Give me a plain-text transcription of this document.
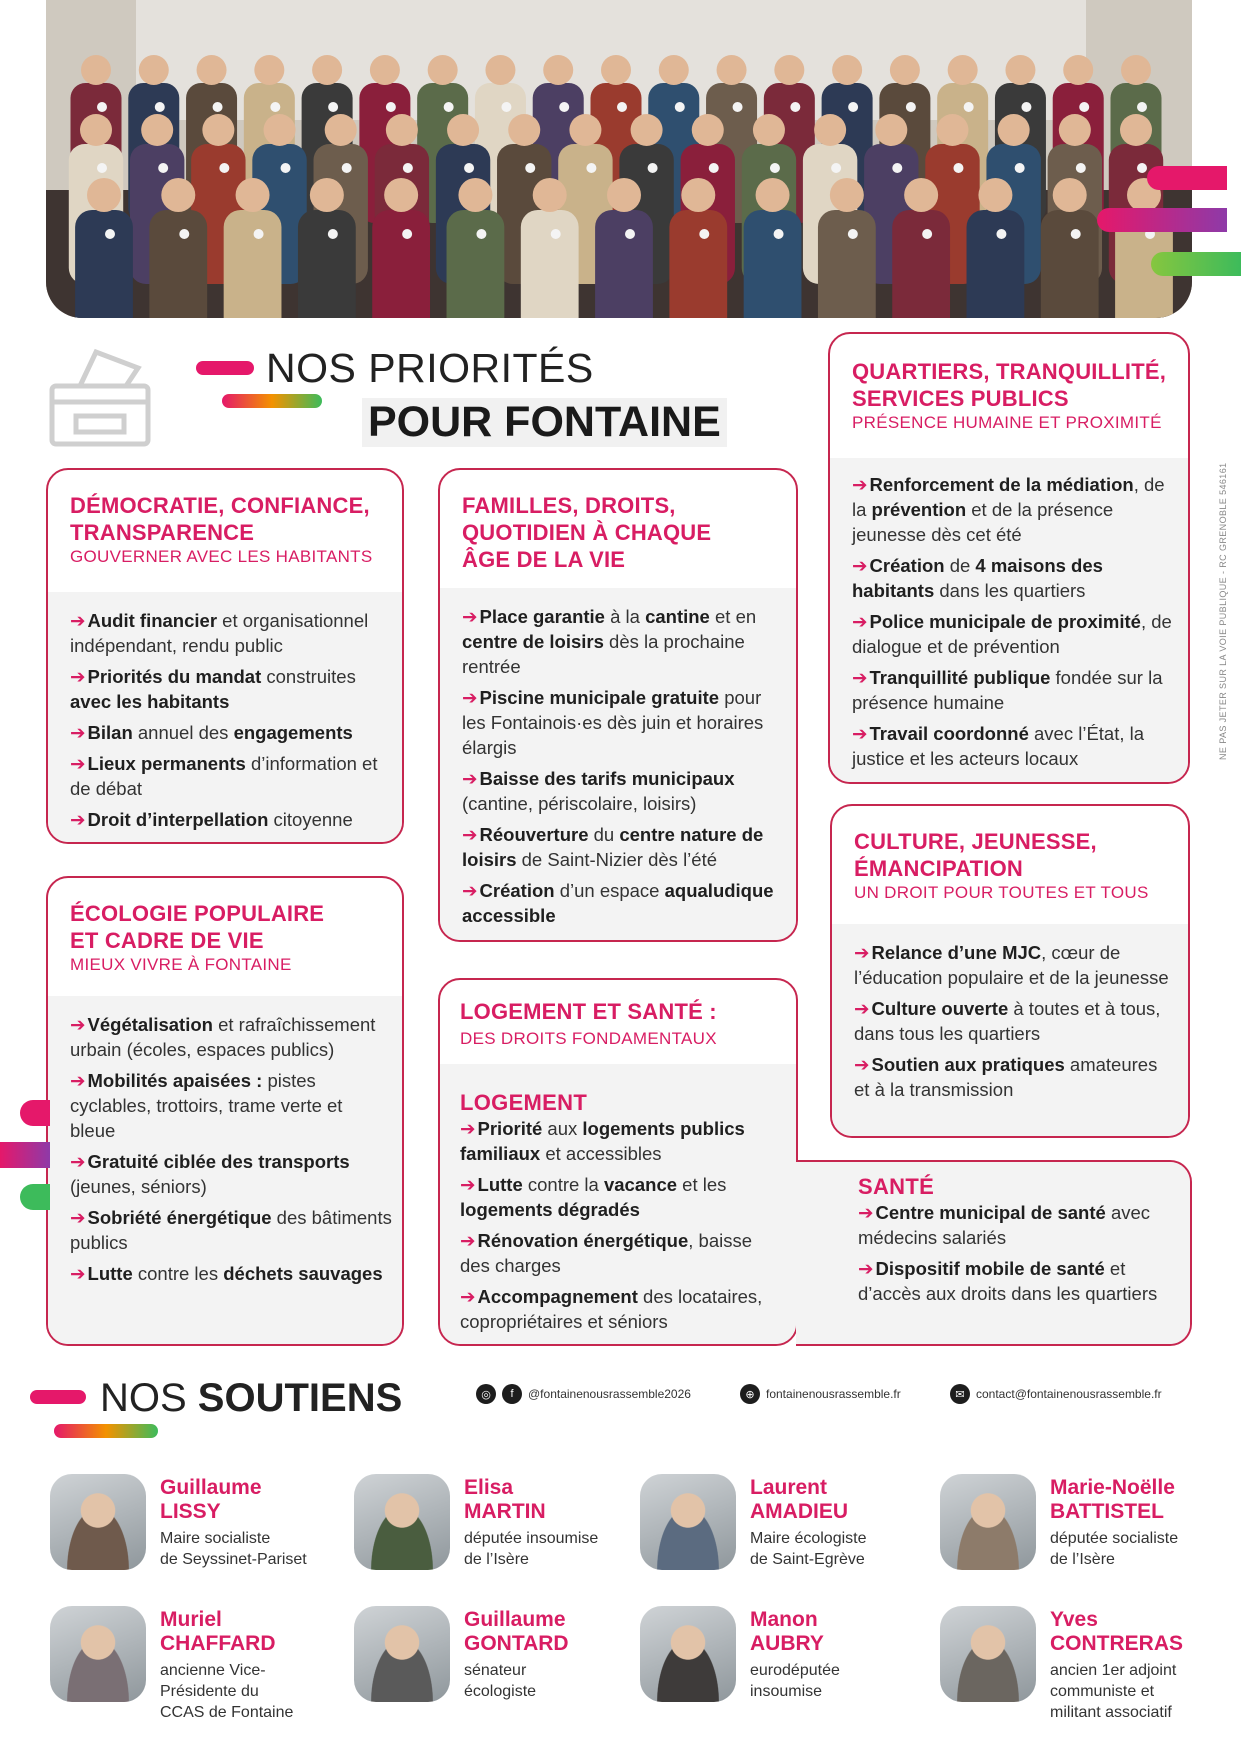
NOS PRIORITÉS
POUR FONTAINE
DÉMOCRATIE, CONFIANCE,
TRANSPARENCE
GOUVERNER AVEC LES HABITANTS
➔ Audit financier et organisationnel indépendant, rendu public
➔ Priorités du mandat construites avec les habitants
➔ Bilan annuel des engagements
➔ Lieux permanents d’information et de débat
➔ Droit d’interpellation citoyenne
FAMILLES, DROITS,
QUOTIDIEN À CHAQUE
ÂGE DE LA VIE
➔ Place garantie à la cantine et en centre de loisirs dès la prochaine rentrée
➔ Piscine municipale gratuite pour les Fontainois·es dès juin et horaires élargis
➔ Baisse des tarifs municipaux (cantine, périscolaire, loisirs)
➔ Réouverture du centre nature de loisirs de Saint-Nizier dès l’été
➔ Création d’un espace aqualudique accessible
QUARTIERS, TRANQUILLITÉ,
SERVICES PUBLICS
PRÉSENCE HUMAINE ET PROXIMITÉ
➔ Renforcement de la médiation, de la prévention et de la présence jeunesse dès cet été
➔ Création de 4 maisons des habitants dans les quartiers
➔ Police municipale de proximité, de dialogue et de prévention
➔ Tranquillité publique fondée sur la présence humaine
➔ Travail coordonné avec l’État, la justice et les acteurs locaux
ÉCOLOGIE POPULAIRE
ET CADRE DE VIE
MIEUX VIVRE À FONTAINE
➔ Végétalisation et rafraîchissement urbain (écoles, espaces publics)
➔ Mobilités apaisées : pistes cyclables, trottoirs, trame verte et bleue
➔ Gratuité ciblée des transports (jeunes, séniors)
➔ Sobriété énergétique des bâtiments publics
➔ Lutte contre les déchets sauvages
CULTURE, JEUNESSE,
ÉMANCIPATION
UN DROIT POUR TOUTES ET TOUS
➔ Relance d’une MJC, cœur de l’éducation populaire et de la jeunesse
➔ Culture ouverte à toutes et à tous, dans tous les quartiers
➔ Soutien aux pratiques amateures et à la transmission
LOGEMENT ET SANTÉ :
DES DROITS FONDAMENTAUX
LOGEMENT
➔ Priorité aux logements publics familiaux et accessibles
➔ Lutte contre la vacance et les logements dégradés
➔ Rénovation énergétique, baisse des charges
➔ Accompagnement des locataires, copropriétaires et séniors
SANTÉ
➔ Centre municipal de santé avec médecins salariés
➔ Dispositif mobile de santé et d’accès aux droits dans les quartiers
NE PAS JETER SUR LA VOIE PUBLIQUE - RC GRENOBLE 546161
NOS SOUTIENS	◎	f	@fontainenousrassemble2026	⊕ fontainenousrassemble.fr	✉ contact@fontainenousrassemble.fr
Guillaume
LISSY
Maire socialiste
de Seyssinet-Pariset
Elisa
MARTIN
députée insoumise
de l’Isère
Laurent
AMADIEU
Maire écologiste
de Saint-Egrève
Marie-Noëlle
BATTISTEL
députée socialiste
de l’Isère
Muriel
CHAFFARD
ancienne Vice-
Présidente du
CCAS de Fontaine
Guillaume
GONTARD
sénateur
écologiste
Manon
AUBRY
eurodéputée
insoumise
Yves
CONTRERAS
ancien 1er adjoint
communiste et
militant associatif
